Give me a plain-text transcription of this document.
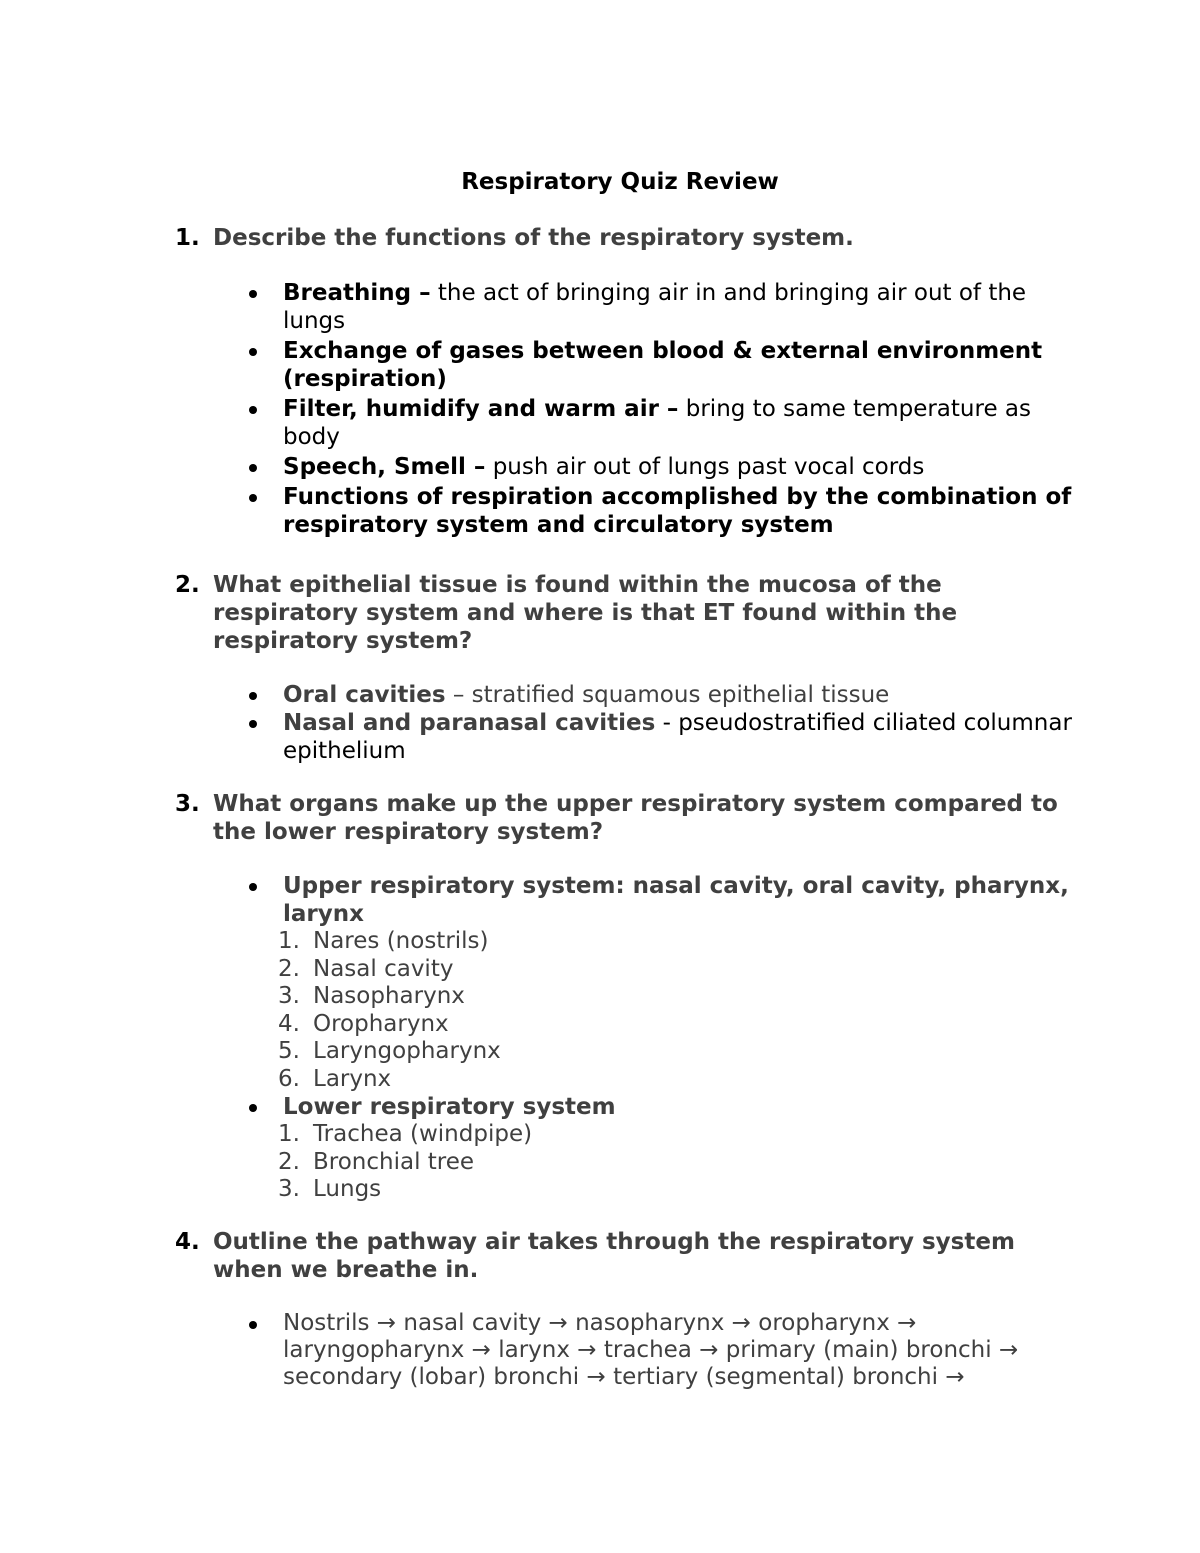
Respiratory Quiz Review
1. Describe the functions of the respiratory system.
Breathing – the act of bringing air in and bringing air out of the lungs
Exchange of gases between blood & external environment (respiration)
Filter, humidify and warm air – bring to same temperature as body
Speech, Smell – push air out of lungs past vocal cords
Functions of respiration accomplished by the combination of respiratory system and circulatory system
2. What epithelial tissue is found within the mucosa of the respiratory system and where is that ET found within the respiratory system?
Oral cavities – stratified squamous epithelial tissue
Nasal and paranasal cavities - pseudostratified ciliated columnar epithelium
3. What organs make up the upper respiratory system compared to the lower respiratory system?
Upper respiratory system: nasal cavity, oral cavity, pharynx, larynx
1. Nares (nostrils)
2. Nasal cavity
3. Nasopharynx
4. Oropharynx
5. Laryngopharynx
6. Larynx
Lower respiratory system
1. Trachea (windpipe)
2. Bronchial tree
3. Lungs
4. Outline the pathway air takes through the respiratory system when we breathe in.
Nostrils → nasal cavity → nasopharynx → oropharynx → laryngopharynx → larynx → trachea → primary (main) bronchi → secondary (lobar) bronchi → tertiary (segmental) bronchi →
